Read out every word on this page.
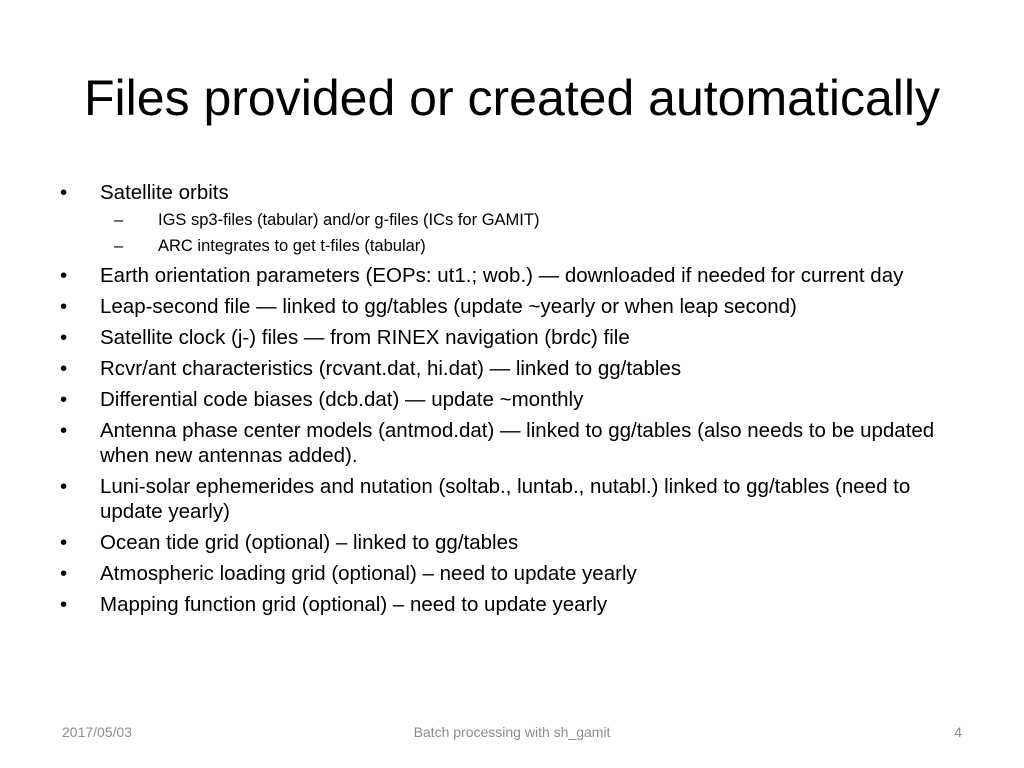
Files provided or created automatically
•	Satellite orbits
– IGS sp3-files (tabular) and/or g-files (ICs for GAMIT)
– ARC integrates to get t-files (tabular)
•	Earth orientation parameters (EOPs: ut1.; wob.) — downloaded if needed for current day
•	Leap-second file — linked to gg/tables (update ~yearly or when leap second)
•	Satellite clock (j-) files — from RINEX navigation (brdc) file
•	Rcvr/ant characteristics (rcvant.dat, hi.dat) — linked to gg/tables
•	Differential code biases (dcb.dat) — update ~monthly
•	Antenna phase center models (antmod.dat) — linked to gg/tables (also needs to be updated when new antennas added).
•	Luni-solar ephemerides and nutation (soltab., luntab., nutabl.) linked to gg/tables (need to update yearly)
•	Ocean tide grid (optional) – linked to gg/tables
•	Atmospheric loading grid (optional) – need to update yearly
•	Mapping function grid (optional) – need to update yearly
2017/05/03	Batch processing with sh_gamit	4
